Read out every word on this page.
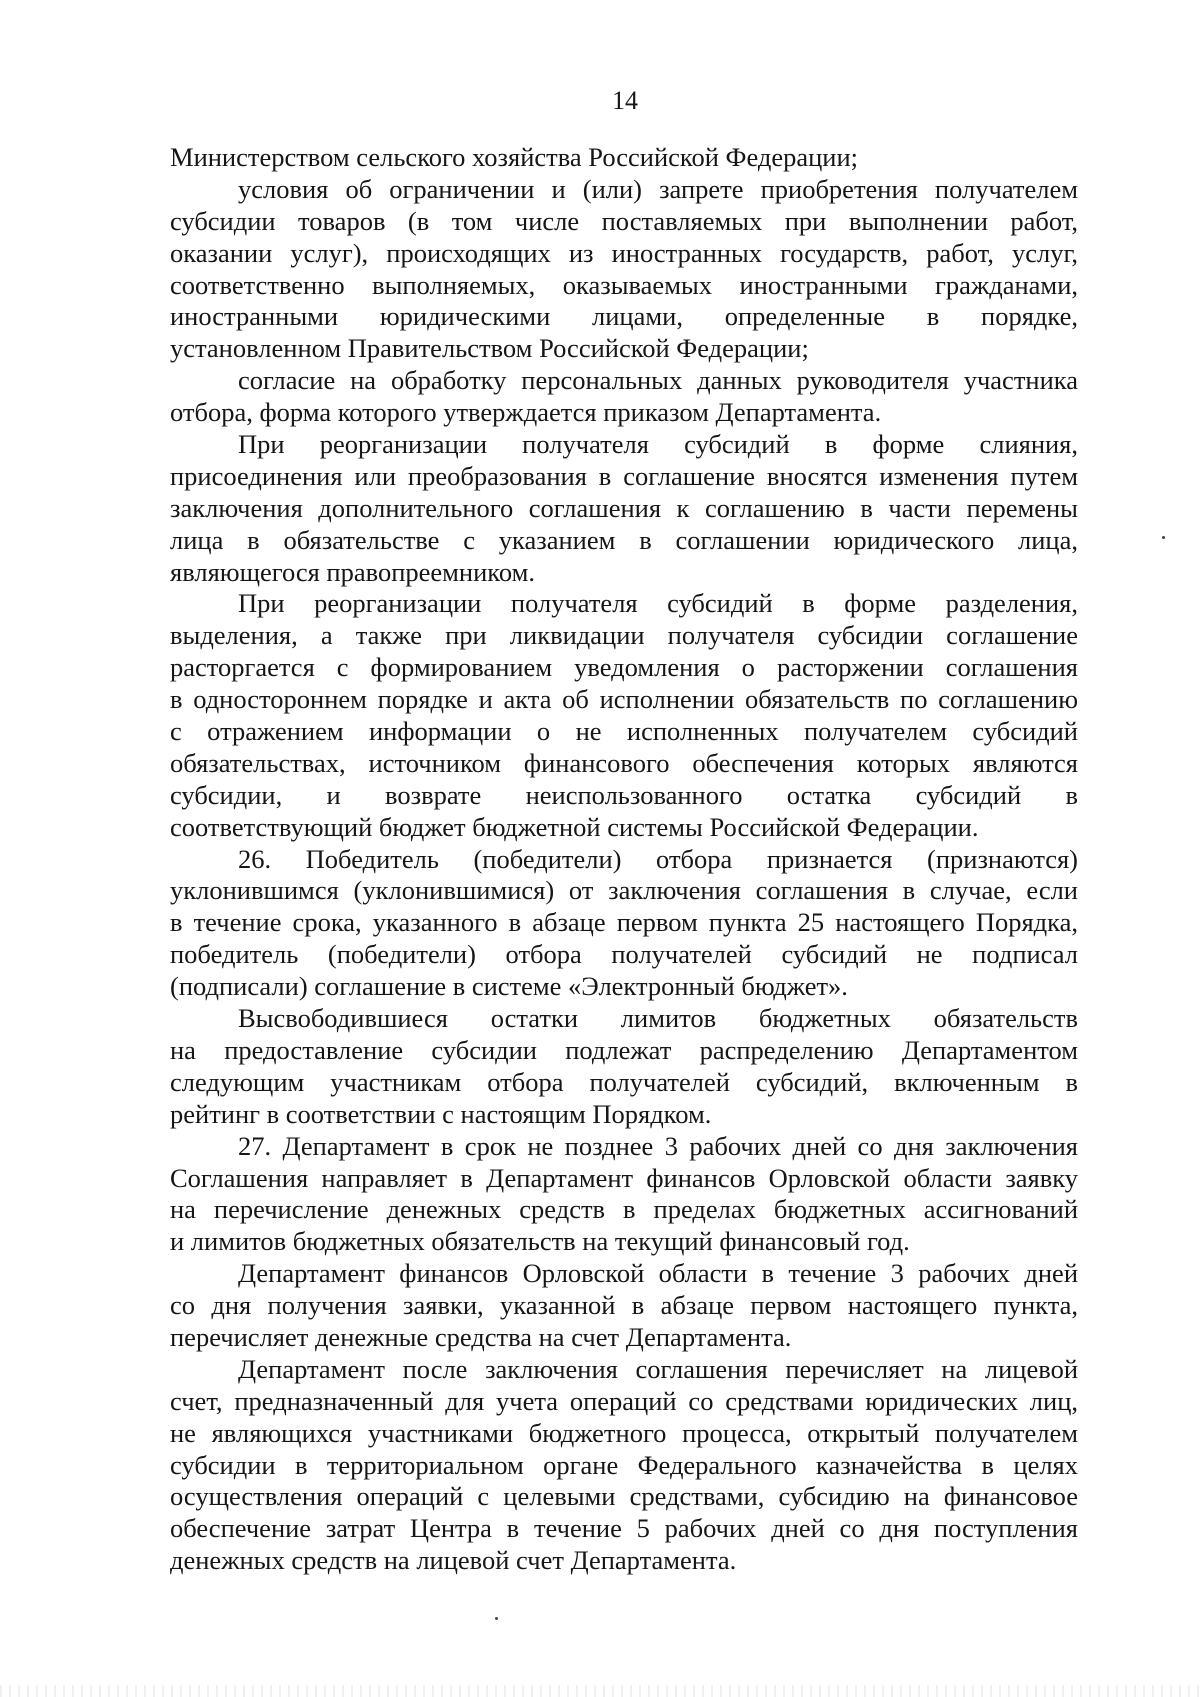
14
Министерством сельского хозяйства Российской Федерации;
условия об ограничении и (или) запрете приобретения получателем
субсидии товаров (в том числе поставляемых при выполнении работ,
оказании услуг), происходящих из иностранных государств, работ, услуг,
соответственно выполняемых, оказываемых иностранными гражданами,
иностранными юридическими лицами, определенные в порядке,
установленном Правительством Российской Федерации;
согласие на обработку персональных данных руководителя участника
отбора, форма которого утверждается приказом Департамента.
При реорганизации получателя субсидий в форме слияния,
присоединения или преобразования в соглашение вносятся изменения путем
заключения дополнительного соглашения к соглашению в части перемены
лица в обязательстве с указанием в соглашении юридического лица,
являющегося правопреемником.
При реорганизации получателя субсидий в форме разделения,
выделения, а также при ликвидации получателя субсидии соглашение
расторгается с формированием уведомления о расторжении соглашения
в одностороннем порядке и акта об исполнении обязательств по соглашению
с отражением информации о не исполненных получателем субсидий
обязательствах, источником финансового обеспечения которых являются
субсидии, и возврате неиспользованного остатка субсидий в
соответствующий бюджет бюджетной системы Российской Федерации.
26. Победитель (победители) отбора признается (признаются)
уклонившимся (уклонившимися) от заключения соглашения в случае, если
в течение срока, указанного в абзаце первом пункта 25 настоящего Порядка,
победитель (победители) отбора получателей субсидий не подписал
(подписали) соглашение в системе «Электронный бюджет».
Высвободившиеся остатки лимитов бюджетных обязательств
на предоставление субсидии подлежат распределению Департаментом
следующим участникам отбора получателей субсидий, включенным в
рейтинг в соответствии с настоящим Порядком.
27. Департамент в срок не позднее 3 рабочих дней со дня заключения
Соглашения направляет в Департамент финансов Орловской области заявку
на перечисление денежных средств в пределах бюджетных ассигнований
и лимитов бюджетных обязательств на текущий финансовый год.
Департамент финансов Орловской области в течение 3 рабочих дней
со дня получения заявки, указанной в абзаце первом настоящего пункта,
перечисляет денежные средства на счет Департамента.
Департамент после заключения соглашения перечисляет на лицевой
счет, предназначенный для учета операций со средствами юридических лиц,
не являющихся участниками бюджетного процесса, открытый получателем
субсидии в территориальном органе Федерального казначейства в целях
осуществления операций с целевыми средствами, субсидию на финансовое
обеспечение затрат Центра в течение 5 рабочих дней со дня поступления
денежных средств на лицевой счет Департамента.
